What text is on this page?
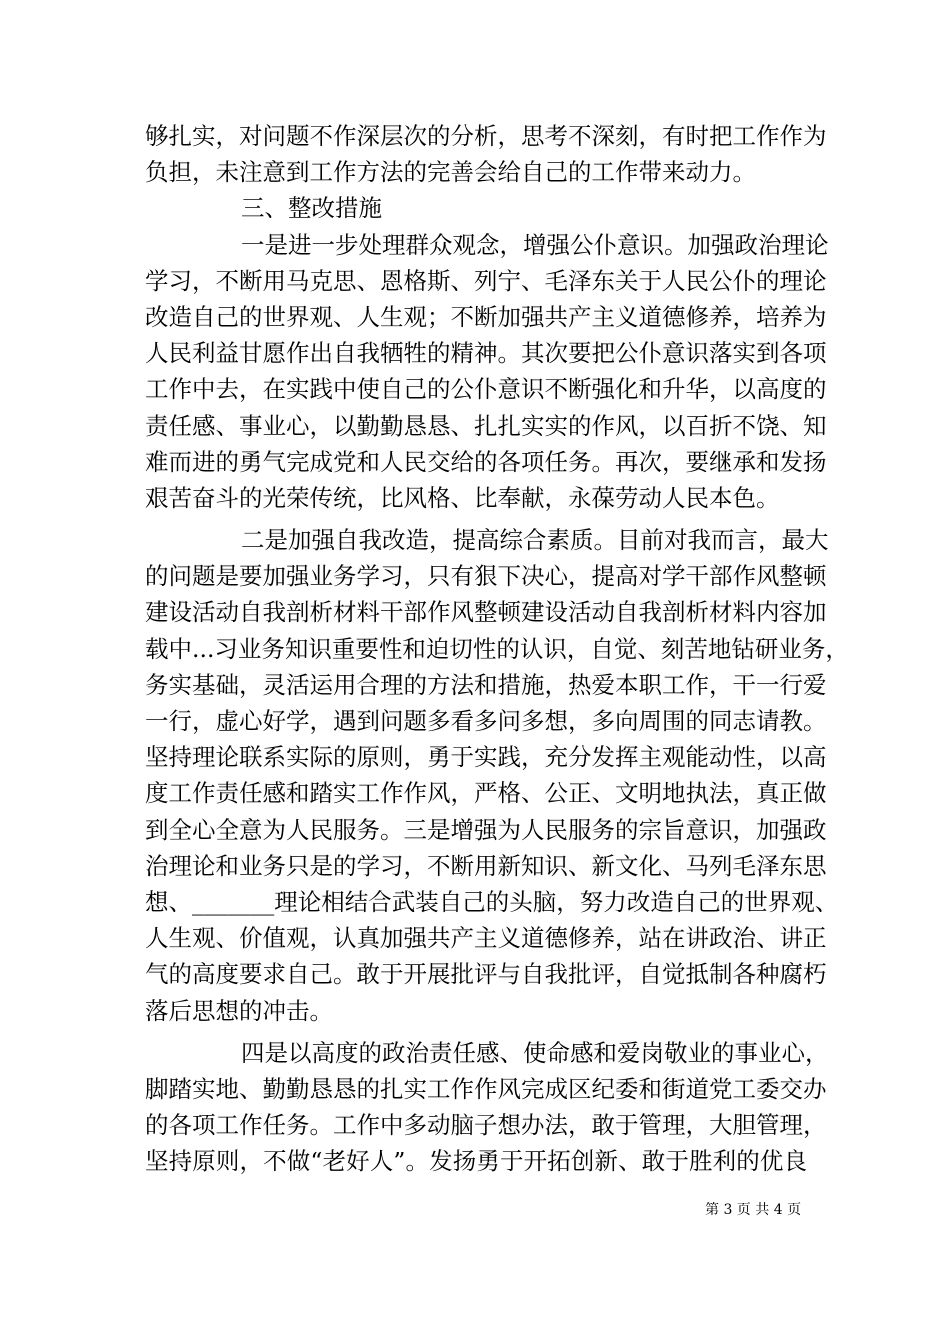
够扎实，对问题不作深层次的分析，思考不深刻，有时把工作作为
负担，未注意到工作方法的完善会给自己的工作带来动力。
三、整改措施
一是进一步处理群众观念，增强公仆意识。加强政治理论
学习，不断用马克思、恩格斯、列宁、毛泽东关于人民公仆的理论
改造自己的世界观、人生观；不断加强共产主义道德修养，培养为
人民利益甘愿作出自我牺牲的精神。其次要把公仆意识落实到各项
工作中去，在实践中使自己的公仆意识不断强化和升华，以高度的
责任感、事业心，以勤勤恳恳、扎扎实实的作风，以百折不饶、知
难而进的勇气完成党和人民交给的各项任务。再次，要继承和发扬
艰苦奋斗的光荣传统，比风格、比奉献，永葆劳动人民本色。
二是加强自我改造，提高综合素质。目前对我而言，最大
的问题是要加强业务学习，只有狠下决心，提高对学干部作风整顿
建设活动自我剖析材料干部作风整顿建设活动自我剖析材料内容加
载中...习业务知识重要性和迫切性的认识，自觉、刻苦地钻研业务，
务实基础，灵活运用合理的方法和措施，热爱本职工作，干一行爱
一行，虚心好学，遇到问题多看多问多想，多向周围的同志请教。
坚持理论联系实际的原则，勇于实践，充分发挥主观能动性，以高
度工作责任感和踏实工作作风，严格、公正、文明地执法，真正做
到全心全意为人民服务。三是增强为人民服务的宗旨意识，加强政
治理论和业务只是的学习，不断用新知识、新文化、马列毛泽东思
想、_______理论相结合武装自己的头脑，努力改造自己的世界观、
人生观、价值观，认真加强共产主义道德修养，站在讲政治、讲正
气的高度要求自己。敢于开展批评与自我批评，自觉抵制各种腐朽
落后思想的冲击。
四是以高度的政治责任感、使命感和爱岗敬业的事业心，
脚踏实地、勤勤恳恳的扎实工作作风完成区纪委和街道党工委交办
的各项工作任务。工作中多动脑子想办法，敢于管理，大胆管理，
坚持原则，不做“老好人”。发扬勇于开拓创新、敢于胜利的优良
第 3 页 共 4 页
